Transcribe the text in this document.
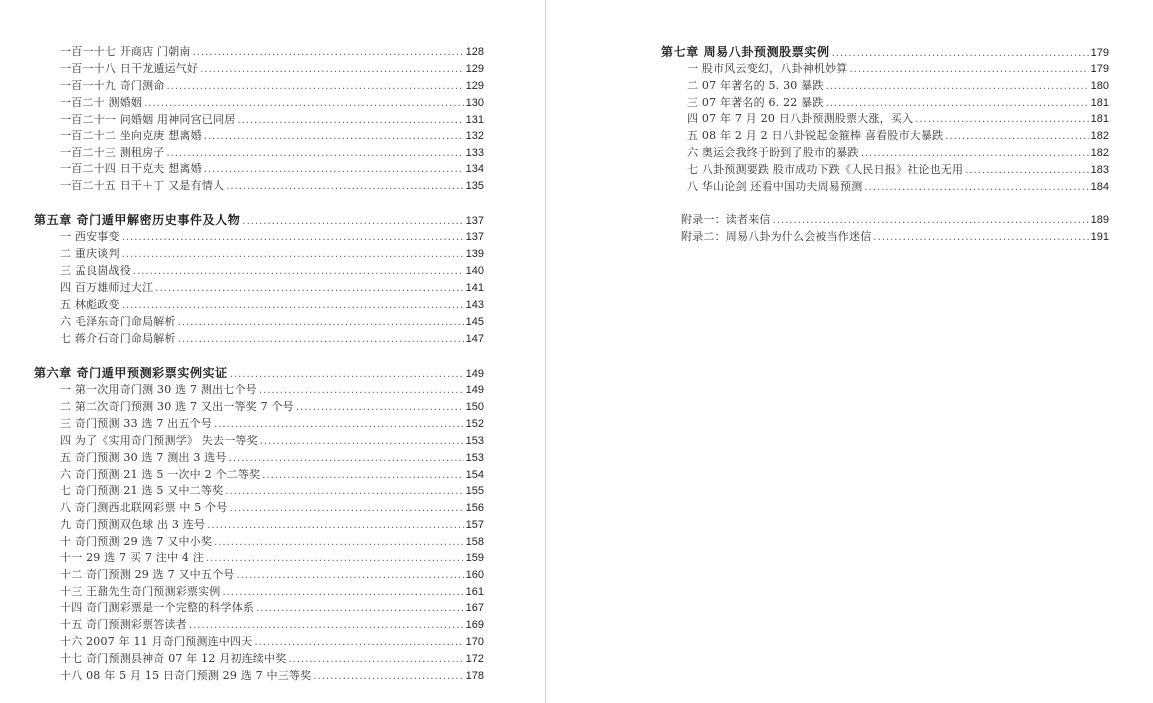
一百一十七 开商店 门朝南 .....	128
一百一十八 日干龙遁运气好 .....	129
一百一十九 奇门测命 .....	129
一百二十 测婚姻 .....	130
一百二十一 问婚姻 用神同宫已同居 .....	131
一百二十二 坐向克庚 想离婚 .....	132
一百二十三 测租房子 .....	133
一百二十四 日干克夫 想离婚 .....	134
一百二十五 日干＋丁 又是有情人 .....	135
第五章 奇门遁甲解密历史事件及人物 .....	137
一 西安事变 .....	137
二 重庆谈判 .....	139
三 孟良崮战役 .....	140
四 百万雄师过大江 .....	141
五 林彪政变 .....	143
六 毛泽东奇门命局解析 .....	145
七 蒋介石奇门命局解析 .....	147
第六章 奇门遁甲预测彩票实例实证 .....	149
一 第一次用奇门测 30 选 7 测出七个号 .....	149
二 第二次奇门预测 30 选 7 又出一等奖 7 个号 .....	150
三 奇门预测 33 选 7 出五个号 .....	152
四 为了《实用奇门预测学》 失去一等奖 .....	153
五 奇门预测 30 选 7 测出 3 选号 .....	153
六 奇门预测 21 选 5 一次中 2 个二等奖 .....	154
七 奇门预测 21 选 5 又中二等奖 .....	155
八 奇门测西北联网彩票 中 5 个号 .....	156
九 奇门预测双色球 出 3 连号 .....	157
十 奇门预测 29 选 7 又中小奖 .....	158
十一 29 选 7 买 7 注中 4 注 .....	159
十二 奇门预测 29 选 7 又中五个号 .....	160
十三 王鼐先生奇门预测彩票实例 .....	161
十四 奇门测彩票是一个完整的科学体系 .....	167
十五 奇门预测彩票答读者 .....	169
十六 2007 年 11 月奇门预测连中四天 .....	170
十七 奇门预测县神奇 07 年 12 月初连续中奖 .....	172
十八 08 年 5 月 15 日奇门预测 29 选 7 中三等奖 .....	178
第七章 周易八卦预测股票实例 .....	179
一 股市风云变幻，八卦神机妙算 .....	179
二 07 年著名的 5. 30 暴跌 .....	180
三 07 年著名的 6. 22 暴跌 .....	181
四 07 年 7 月 20 日八卦预测股票大涨，买入 .....	181
五 08 年 2 月 2 日八卦锐起金箍棒 喜看股市大暴跌 .....	182
六 奥运会我终于盼到了股市的暴跌 .....	182
七 八卦预测要跌 股市成功下跌《人民日报》社论也无用 .....	183
八 华山论剑 还看中国功夫周易预测 .....	184
附录一：读者来信 .....	189
附录二：周易八卦为什么会被当作迷信 .....	191
